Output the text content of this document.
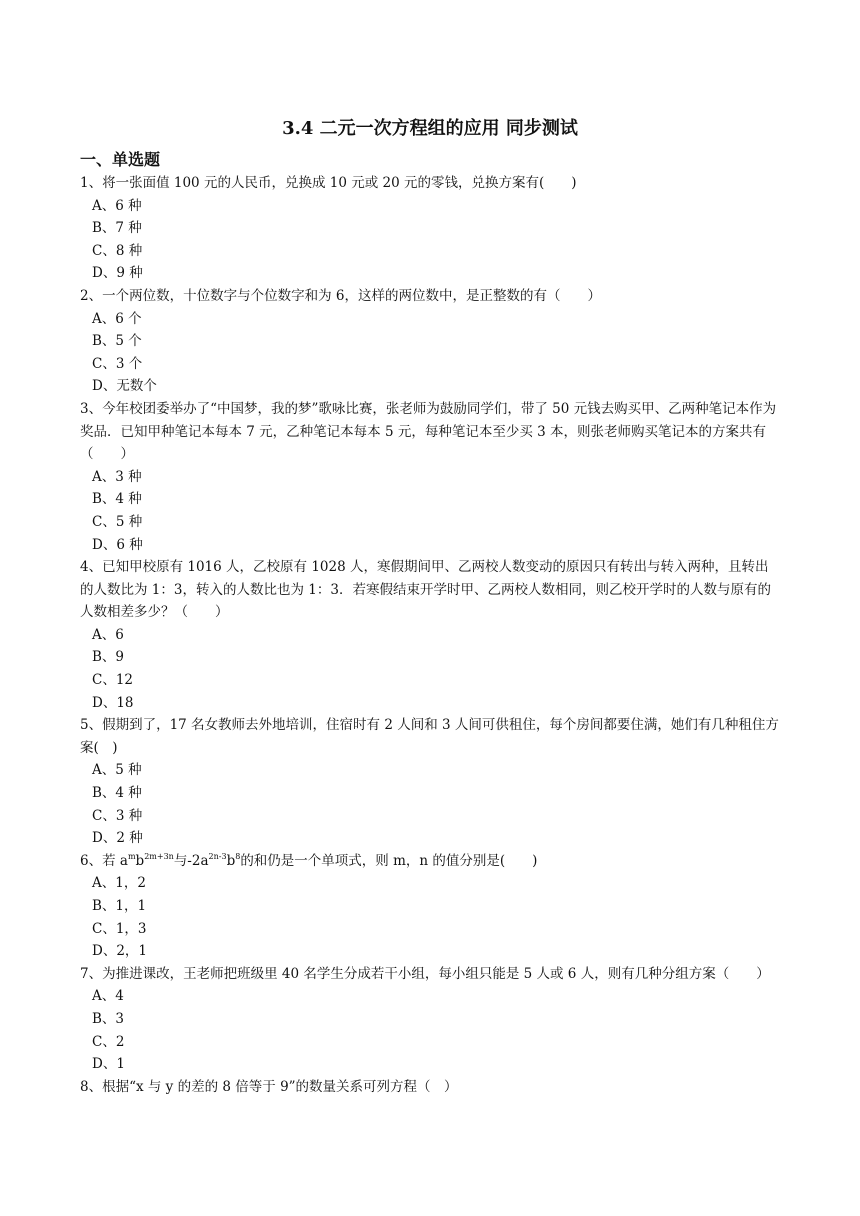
3.4 二元一次方程组的应用 同步测试
一、单选题
1、将一张面值 100 元的人民币，兑换成 10 元或 20 元的零钱，兑换方案有(　　)
A、6 种
B、7 种
C、8 种
D、9 种
2、一个两位数，十位数字与个位数字和为 6，这样的两位数中，是正整数的有（　　）
A、6 个
B、5 个
C、3 个
D、无数个
3、今年校团委举办了“中国梦，我的梦”歌咏比赛，张老师为鼓励同学们，带了 50 元钱去购买甲、乙两种笔记本作为奖品．已知甲种笔记本每本 7 元，乙种笔记本每本 5 元，每种笔记本至少买 3 本，则张老师购买笔记本的方案共有（　　）
A、3 种
B、4 种
C、5 种
D、6 种
4、已知甲校原有 1016 人，乙校原有 1028 人，寒假期间甲、乙两校人数变动的原因只有转出与转入两种，且转出的人数比为 1：3，转入的人数比也为 1：3．若寒假结束开学时甲、乙两校人数相同，则乙校开学时的人数与原有的人数相差多少？（　　）
A、6
B、9
C、12
D、18
5、假期到了，17 名女教师去外地培训，住宿时有 2 人间和 3 人间可供租住，每个房间都要住满，她们有几种租住方案(　)
A、5 种
B、4 种
C、3 种
D、2 种
6、若 $a^mb^{2m+3n}$与$-2a^{2n-3}b^8$的和仍是一个单项式，则 m，n 的值分别是(　　)
A、1，2
B、1，1
C、1，3
D、2，1
7、为推进课改，王老师把班级里 40 名学生分成若干小组，每小组只能是 5 人或 6 人，则有几种分组方案（　　）
A、4
B、3
C、2
D、1
8、根据“x 与 y 的差的 8 倍等于 9”的数量关系可列方程（　）
